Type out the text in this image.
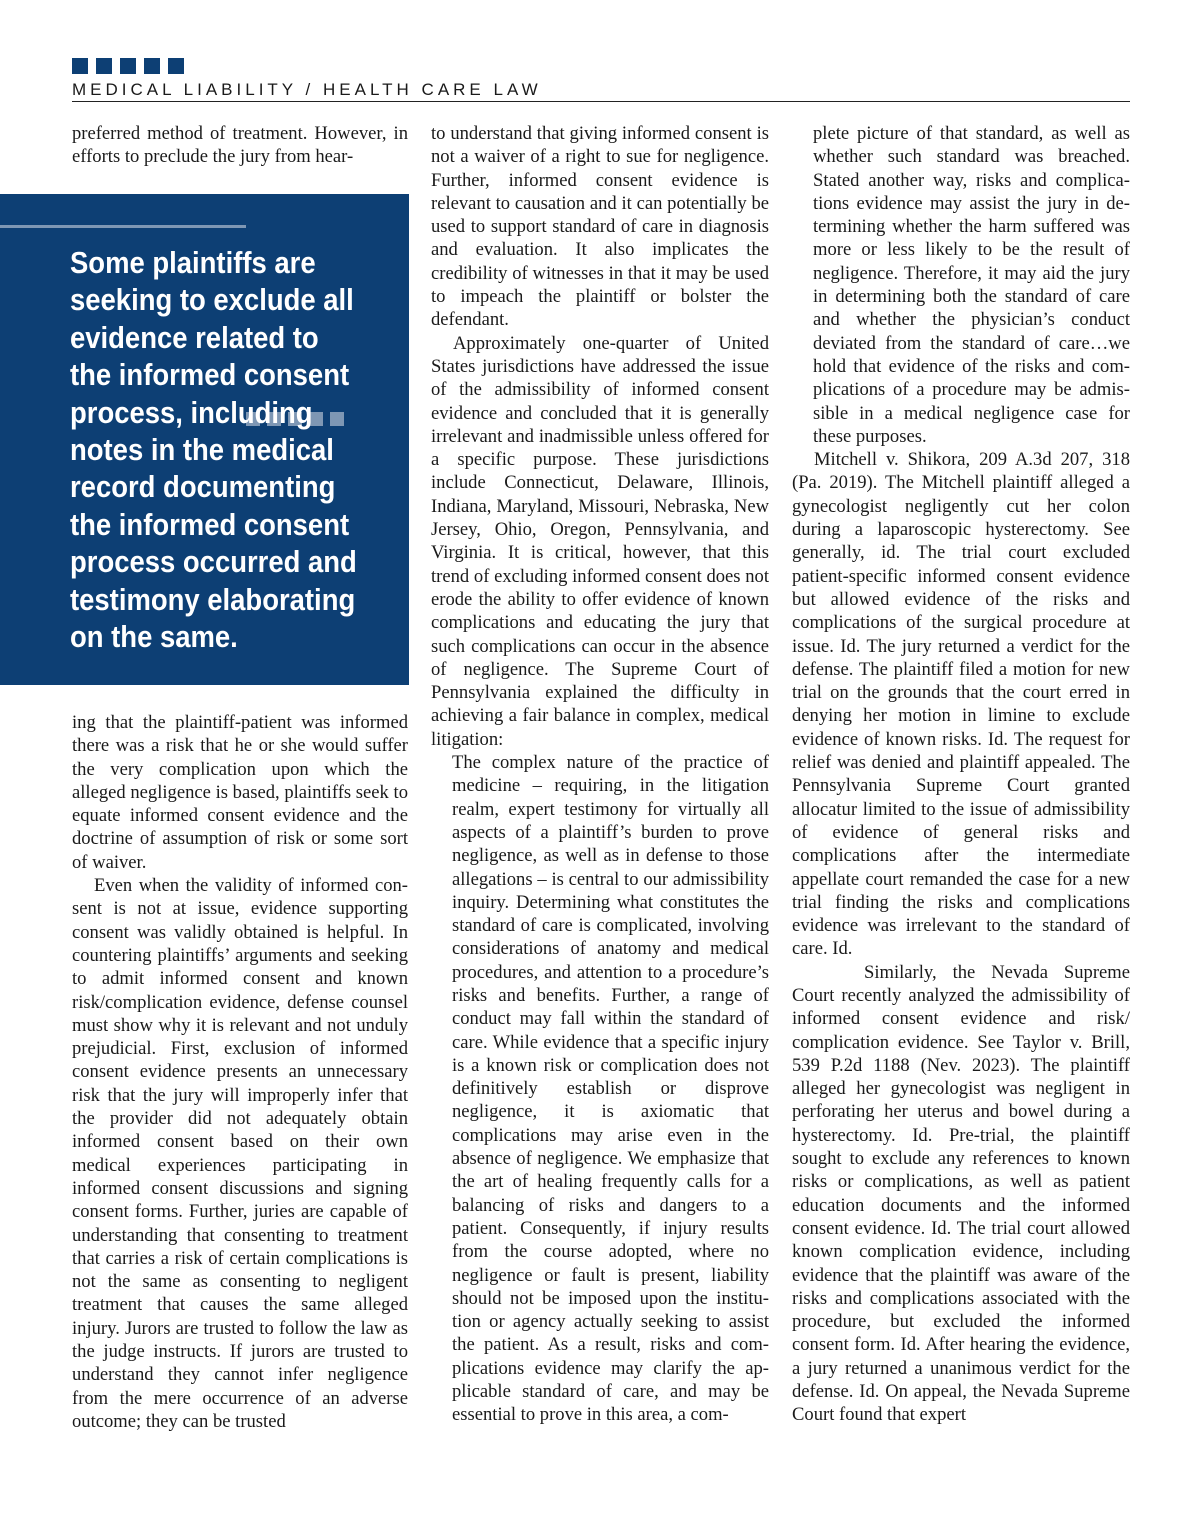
MEDICAL LIABILITY / HEALTH CARE LAW

preferred method of treatment. However, in efforts to preclude the jury from hear-

Some plaintiffs are seeking to exclude all evidence related to the informed consent process, including notes in the medical record documenting the informed consent process occurred and testimony elaborating on the same.

ing that the plaintiff-patient was informed there was a risk that he or she would suffer the very complication upon which the alleged negligence is based, plaintiffs seek to equate informed consent evidence and the doctrine of assumption of risk or some sort of waiver.

Even when the validity of informed consent is not at issue, evidence supporting consent was validly obtained is helpful. In countering plaintiffs’ arguments and seeking to admit informed consent and known risk/complication evidence, defense counsel must show why it is relevant and not unduly prejudicial. First, exclusion of informed consent evidence presents an unnecessary risk that the jury will improperly infer that the provider did not adequately obtain informed consent based on their own medical experiences participating in informed consent discussions and signing consent forms. Further, juries are capable of understanding that consenting to treatment that carries a risk of certain complications is not the same as consenting to negligent treatment that causes the same alleged injury. Jurors are trusted to follow the law as the judge instructs. If jurors are trusted to understand they cannot infer negligence from the mere occurrence of an adverse outcome; they can be trusted

to understand that giving informed consent is not a waiver of a right to sue for negligence. Further, informed consent evidence is relevant to causation and it can potentially be used to support standard of care in diagnosis and evaluation. It also implicates the credibility of witnesses in that it may be used to impeach the plaintiff or bolster the defendant.

Approximately one-quarter of United States jurisdictions have addressed the issue of the admissibility of informed consent evidence and concluded that it is generally irrelevant and inadmissible unless offered for a specific purpose. These jurisdictions include Connecticut, Delaware, Illinois, Indiana, Maryland, Missouri, Nebraska, New Jersey, Ohio, Oregon, Pennsylvania, and Virginia. It is critical, however, that this trend of excluding informed consent does not erode the ability to offer evidence of known complications and educating the jury that such complications can occur in the absence of negligence. The Supreme Court of Pennsylvania explained the difficulty in achieving a fair balance in complex, medical litigation:

The complex nature of the practice of medicine – requiring, in the litigation realm, expert testimony for virtually all aspects of a plaintiff’s burden to prove negligence, as well as in defense to those allegations – is central to our admissibility inquiry. Determining what constitutes the standard of care is complicated, involving considerations of anatomy and medical procedures, and attention to a procedure’s risks and benefits. Further, a range of conduct may fall within the standard of care. While evidence that a specific injury is a known risk or complication does not definitively establish or disprove negligence, it is axiomatic that complications may arise even in the absence of negligence. We emphasize that the art of healing frequently calls for a balancing of risks and dangers to a patient. Consequently, if injury results from the course adopted, where no negligence or fault is present, liability should not be imposed upon the institution or agency actually seeking to assist the patient. As a result, risks and complications evidence may clarify the applicable standard of care, and may be essential to prove in this area, a com-

plete picture of that standard, as well as whether such standard was breached. Stated another way, risks and complications evidence may assist the jury in determining whether the harm suffered was more or less likely to be the result of negligence. Therefore, it may aid the jury in determining both the standard of care and whether the physician’s conduct deviated from the standard of care…we hold that evidence of the risks and complications of a procedure may be admissible in a medical negligence case for these purposes.

Mitchell v. Shikora, 209 A.3d 207, 318 (Pa. 2019). The Mitchell plaintiff alleged a gynecologist negligently cut her colon during a laparoscopic hysterectomy. See generally, id. The trial court excluded patient-specific informed consent evidence but allowed evidence of the risks and complications of the surgical procedure at issue. Id. The jury returned a verdict for the defense. The plaintiff filed a motion for new trial on the grounds that the court erred in denying her motion in limine to exclude evidence of known risks. Id. The request for relief was denied and plaintiff appealed. The Pennsylvania Supreme Court granted allocatur limited to the issue of admissibility of evidence of general risks and complications after the intermediate appellate court remanded the case for a new trial finding the risks and complications evidence was irrelevant to the standard of care. Id.

Similarly, the Nevada Supreme Court recently analyzed the admissibility of informed consent evidence and risk/ complication evidence. See Taylor v. Brill, 539 P.2d 1188 (Nev. 2023). The plaintiff alleged her gynecologist was negligent in perforating her uterus and bowel during a hysterectomy. Id. Pre-trial, the plaintiff sought to exclude any references to known risks or complications, as well as patient education documents and the informed consent evidence. Id. The trial court allowed known complication evidence, including evidence that the plaintiff was aware of the risks and complications associated with the procedure, but excluded the informed consent form. Id. After hearing the evidence, a jury returned a unanimous verdict for the defense. Id. On appeal, the Nevada Supreme Court found that expert
